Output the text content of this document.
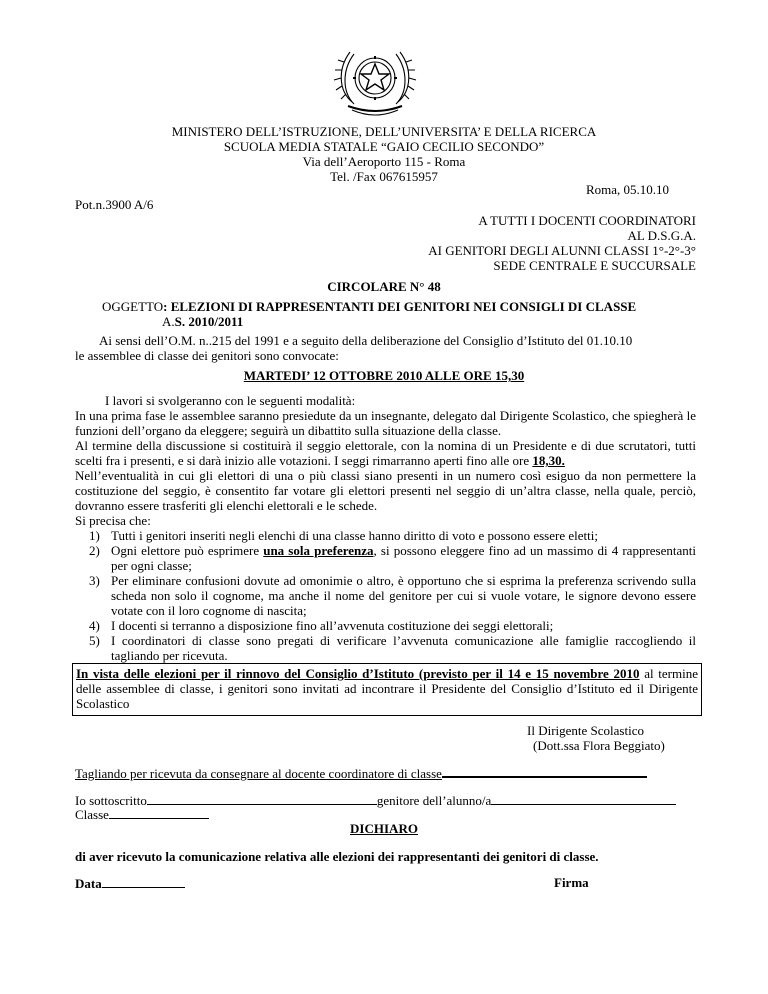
MINISTERO DELL’ISTRUZIONE, DELL’UNIVERSITA’ E DELLA RICERCA
SCUOLA MEDIA STATALE “GAIO CECILIO SECONDO”
Via dell’Aeroporto 115 - Roma
Tel. /Fax 067615957
Roma, 05.10.10
Pot.n.3900 A/6
A TUTTI I DOCENTI COORDINATORI
AL D.S.G.A.
AI GENITORI DEGLI ALUNNI CLASSI 1°-2°-3°
SEDE CENTRALE E SUCCURSALE
CIRCOLARE N° 48
OGGETTO: ELEZIONI DI RAPPRESENTANTI DEI GENITORI NEI CONSIGLI DI CLASSE
A.S. 2010/2011
Ai sensi dell’O.M. n..215 del 1991 e a seguito della deliberazione del Consiglio d’Istituto del 01.10.10
le assemblee di classe dei genitori sono convocate:
MARTEDI’ 12 OTTOBRE 2010 ALLE ORE 15,30
I lavori si svolgeranno con le seguenti modalità:
In una prima fase le assemblee saranno presiedute da un insegnante, delegato dal Dirigente Scolastico, che spiegherà le funzioni dell’organo da eleggere; seguirà un dibattito sulla situazione della classe.
Al termine della discussione si costituirà il seggio elettorale, con la nomina di un Presidente e di due scrutatori, tutti scelti fra i presenti, e si darà inizio alle votazioni. I seggi rimarranno aperti fino alle ore 18,30.
Nell’eventualità in cui gli elettori di una o più classi siano presenti in un numero così esiguo da non permettere la costituzione del seggio, è consentito far votare gli elettori presenti nel seggio di un’altra classe, nella quale, perciò, dovranno essere trasferiti gli elenchi elettorali e le schede.
Si precisa che:
1) Tutti i genitori inseriti negli elenchi di una classe hanno diritto di voto e possono essere eletti;
2) Ogni elettore può esprimere una sola preferenza, si possono eleggere fino ad un massimo di 4 rappresentanti per ogni classe;
3) Per eliminare confusioni dovute ad omonimie o altro, è opportuno che si esprima la preferenza scrivendo sulla scheda non solo il cognome, ma anche il nome del genitore per cui si vuole votare, le signore devono essere votate con il loro cognome di nascita;
4) I docenti si terranno a disposizione fino all’avvenuta costituzione dei seggi elettorali;
5) I coordinatori di classe sono pregati di verificare l’avvenuta comunicazione alle famiglie raccogliendo il tagliando per ricevuta.
In vista delle elezioni per il rinnovo del Consiglio d’Istituto (previsto per il 14 e 15 novembre 2010 al termine delle assemblee di classe, i genitori sono invitati ad incontrare il Presidente del Consiglio d’Istituto ed il Dirigente Scolastico
Il Dirigente Scolastico
(Dott.ssa Flora Beggiato)
Tagliando per ricevuta da consegnare al docente coordinatore di classe
Io sottoscritto	genitore dell’alunno/a
Classe
DICHIARO
di aver ricevuto la comunicazione relativa alle elezioni dei rappresentanti dei genitori di classe.
Data	Firma
